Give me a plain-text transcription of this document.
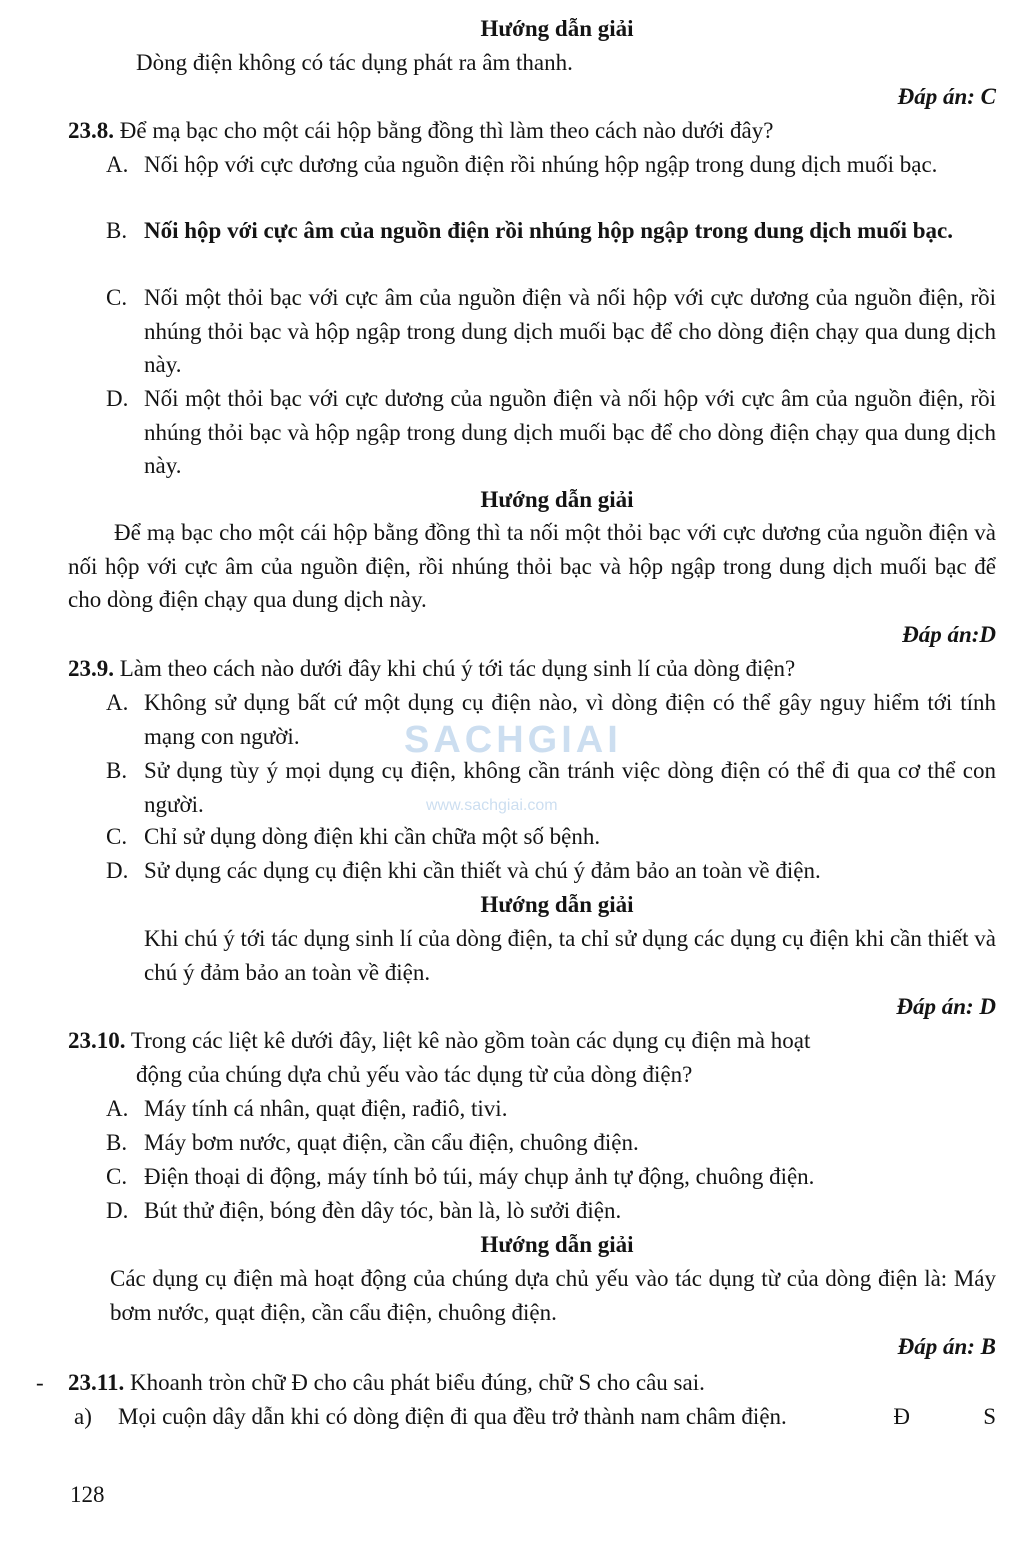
Hướng dẫn giải
Dòng điện không có tác dụng phát ra âm thanh.
Đáp án: C
23.8. Để mạ bạc cho một cái hộp bằng đồng thì làm theo cách nào dưới đây?
A. Nối hộp với cực dương của nguồn điện rồi nhúng hộp ngập trong dung dịch muối bạc.
B. Nối hộp với cực âm của nguồn điện rồi nhúng hộp ngập trong dung dịch muối bạc.
C. Nối một thỏi bạc với cực âm của nguồn điện và nối hộp với cực dương của nguồn điện, rồi nhúng thỏi bạc và hộp ngập trong dung dịch muối bạc để cho dòng điện chạy qua dung dịch này.
D. Nối một thỏi bạc với cực dương của nguồn điện và nối hộp với cực âm của nguồn điện, rồi nhúng thỏi bạc và hộp ngập trong dung dịch muối bạc để cho dòng điện chạy qua dung dịch này.
Hướng dẫn giải
Để mạ bạc cho một cái hộp bằng đồng thì ta nối một thỏi bạc với cực dương của nguồn điện và nối hộp với cực âm của nguồn điện, rồi nhúng thỏi bạc và hộp ngập trong dung dịch muối bạc để cho dòng điện chạy qua dung dịch này.
Đáp án:D
23.9. Làm theo cách nào dưới đây khi chú ý tới tác dụng sinh lí của dòng điện?
A. Không sử dụng bất cứ một dụng cụ điện nào, vì dòng điện có thể gây nguy hiểm tới tính mạng con người.
B. Sử dụng tùy ý mọi dụng cụ điện, không cần tránh việc dòng điện có thể đi qua cơ thể con người.
C. Chỉ sử dụng dòng điện khi cần chữa một số bệnh.
D. Sử dụng các dụng cụ điện khi cần thiết và chú ý đảm bảo an toàn về điện.
Hướng dẫn giải
Khi chú ý tới tác dụng sinh lí của dòng điện, ta chỉ sử dụng các dụng cụ điện khi cần thiết và chú ý đảm bảo an toàn về điện.
Đáp án: D
23.10. Trong các liệt kê dưới đây, liệt kê nào gồm toàn các dụng cụ điện mà hoạt
động của chúng dựa chủ yếu vào tác dụng từ của dòng điện?
A. Máy tính cá nhân, quạt điện, rađiô, tivi.
B. Máy bơm nước, quạt điện, cần cẩu điện, chuông điện.
C. Điện thoại di động, máy tính bỏ túi, máy chụp ảnh tự động, chuông điện.
D. Bút thử điện, bóng đèn dây tóc, bàn là, lò sưởi điện.
Hướng dẫn giải
Các dụng cụ điện mà hoạt động của chúng dựa chủ yếu vào tác dụng từ của dòng điện là: Máy bơm nước, quạt điện, cần cẩu điện, chuông điện.
Đáp án: B
- 23.11. Khoanh tròn chữ Đ cho câu phát biểu đúng, chữ S cho câu sai.
a)	Mọi cuộn dây dẫn khi có dòng điện đi qua đều trở thành nam châm điện.	Đ	S
SACHGIAI
www.sachgiai.com
128
